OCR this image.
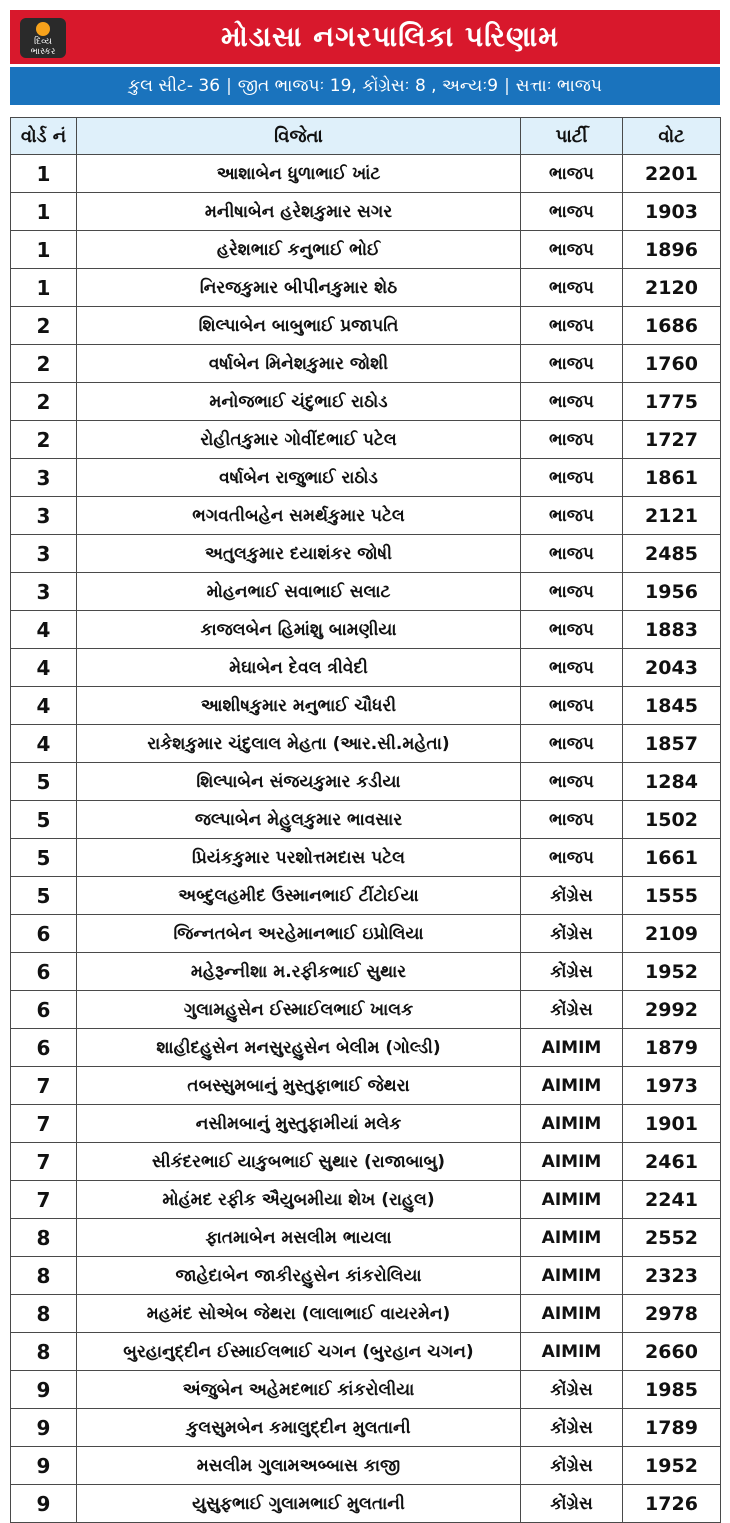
દિવ્ય
ભાસ્કર	મોડાસા નગરપાલિકા પરિણામ
કુલ સીટ- 36 | જીત ભાજપઃ 19, કોંગ્રેસઃ 8 , અન્યઃ9 | સત્તાઃ ભાજપ
વોર્ડ નં	વિજેતા	પાર્ટી	વોટ
1	આશાબેન ધુળાભાઈ ખાંટ	ભાજપ	2201
1	મનીષાબેન હરેશકુમાર સગર	ભાજપ	1903
1	હરેશભાઈ કનુભાઈ ભોઈ	ભાજપ	1896
1	નિરજકુમાર બીપીનકુમાર શેઠ	ભાજપ	2120
2	શિલ્પાબેન બાબુભાઈ પ્રજાપતિ	ભાજપ	1686
2	વર્ષાબેન મિનેશકુમાર જોશી	ભાજપ	1760
2	મનોજભાઈ ચંદુભાઈ રાઠોડ	ભાજપ	1775
2	રોહીતકુમાર ગોવીંદભાઈ પટેલ	ભાજપ	1727
3	વર્ષાબેન રાજુભાઈ રાઠોડ	ભાજપ	1861
3	ભગવતીબહેન સમર્થકુમાર પટેલ	ભાજપ	2121
3	અતુલકુમાર દયાશંકર જોષી	ભાજપ	2485
3	મોહનભાઈ સવાભાઈ સલાટ	ભાજપ	1956
4	કાજલબેન હિમાંશુ બામણીયા	ભાજપ	1883
4	મેઘાબેન દેવલ ત્રીવેદી	ભાજપ	2043
4	આશીષકુમાર મનુભાઈ ચૌધરી	ભાજપ	1845
4	રાકેશકુમાર ચંદુલાલ મેહતા (આર.સી.મહેતા)	ભાજપ	1857
5	શિલ્પાબેન સંજયકુમાર કડીયા	ભાજપ	1284
5	જલ્પાબેન મેહુલકુમાર ભાવસાર	ભાજપ	1502
5	પ્રિયંકકુમાર પરશોત્તમદાસ પટેલ	ભાજપ	1661
5	અબ્દુલહમીદ ઉસ્માનભાઈ ટીંટોઈયા	કોંગ્રેસ	1555
6	જિન્નતબેન અરહેમાનભાઈ ઇપ્રોલિયા	કોંગ્રેસ	2109
6	મહેરૂન્નીશા મ.રફીકભાઈ સુથાર	કોંગ્રેસ	1952
6	ગુલામહુસેન ઈસ્માઈલભાઈ ખાલક	કોંગ્રેસ	2992
6	શાહીદહુસેન મનસુરહુસેન બેલીમ (ગોલ્ડી)	AIMIM	1879
7	તબસ્સુમબાનું મુસ્તુફાભાઈ જેથરા	AIMIM	1973
7	નસીમબાનું મુસ્તુફામીયાં મલેક	AIMIM	1901
7	સીકંદરભાઈ યાકુબભાઈ સુથાર (રાજાબાબુ)	AIMIM	2461
7	મોહંમદ રફીક ઐયુબમીયા શેખ (રાહુલ)	AIMIM	2241
8	ફાતમાબેન મસલીમ ભાયલા	AIMIM	2552
8	જાહેદાબેન જાકીરહુસેન કાંકરોલિયા	AIMIM	2323
8	મહમંદ સોએબ જેથરા (લાલાભાઈ વાયરમેન)	AIMIM	2978
8	બુરહાનુદ્દીન ઈસ્માઈલભાઈ ચગન (બુરહાન ચગન)	AIMIM	2660
9	અંજુબેન અહેમદભાઈ કાંકરોલીયા	કોંગ્રેસ	1985
9	કુલસુમબેન કમાલુદ્દીન મુલતાની	કોંગ્રેસ	1789
9	મસલીમ ગુલામઅબ્બાસ કાજી	કોંગ્રેસ	1952
9	યુસુફભાઈ ગુલામભાઈ મુલતાની	કોંગ્રેસ	1726
